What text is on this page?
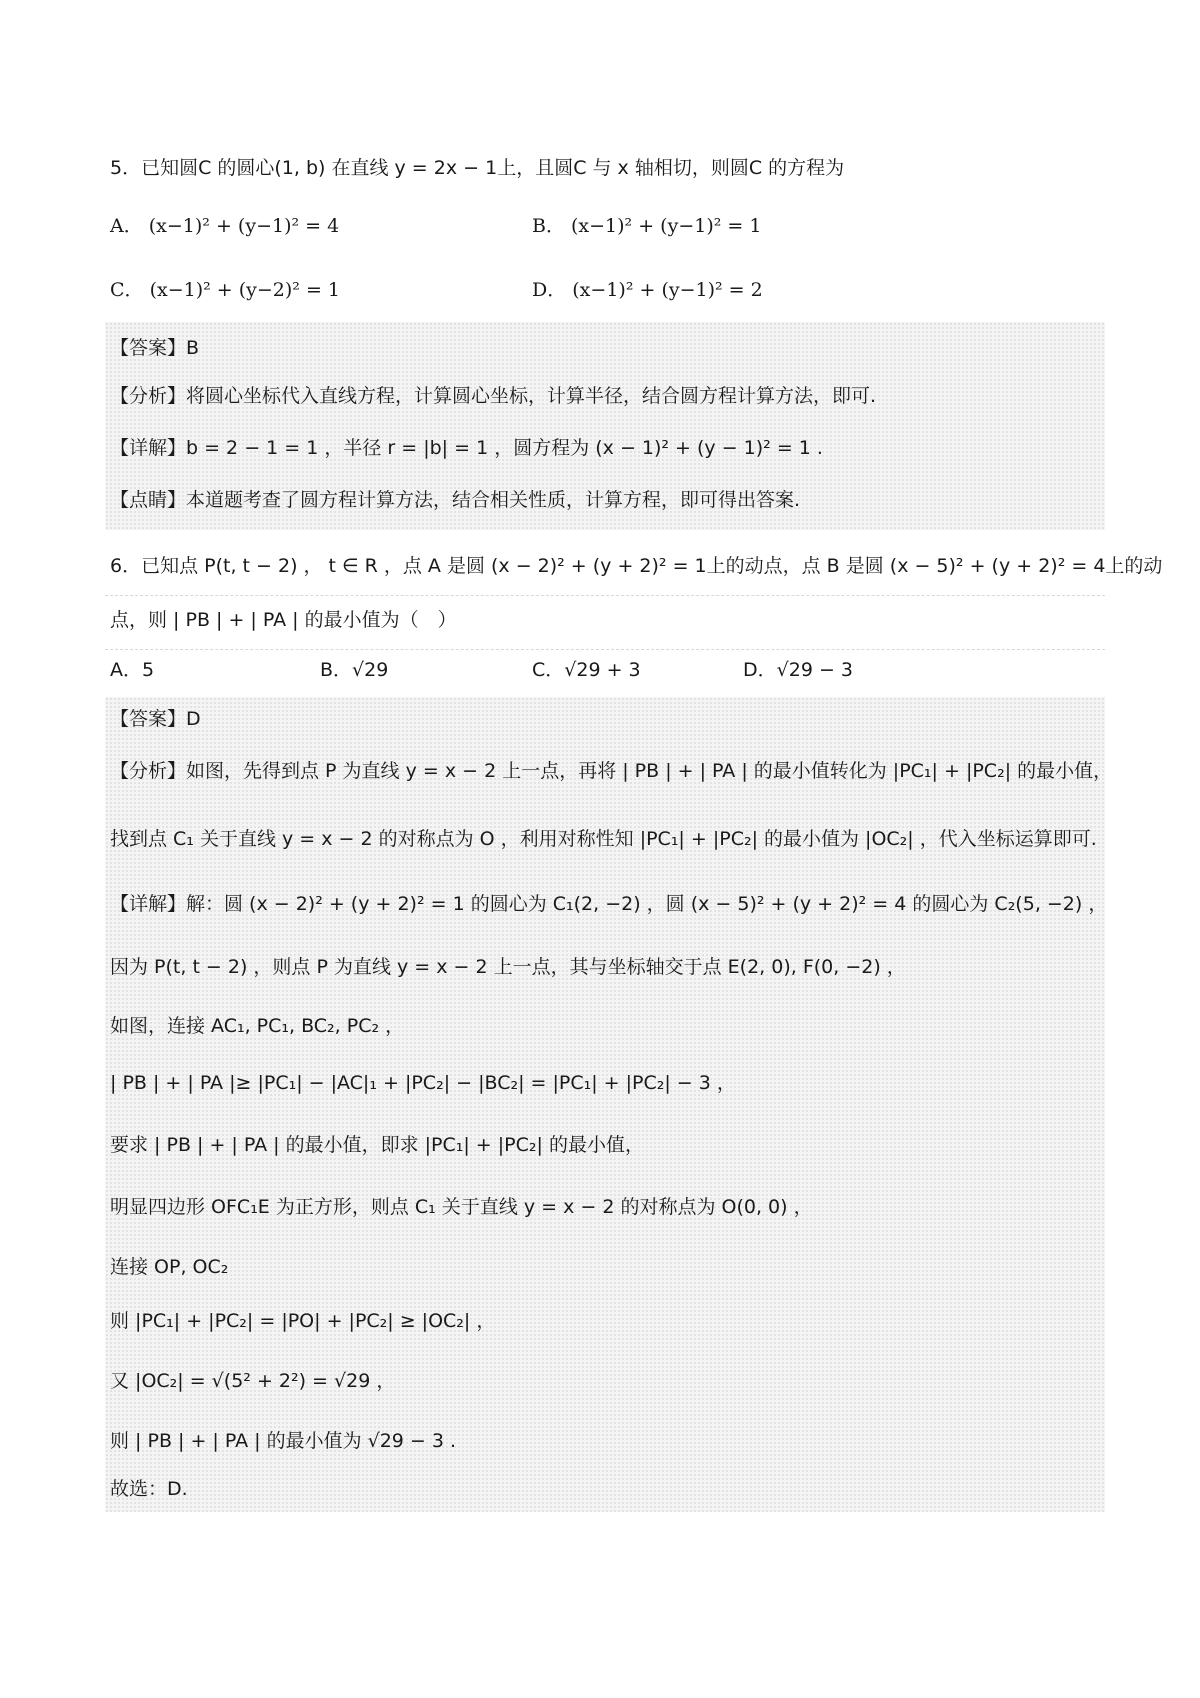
5．已知圆C 的圆心(1, b) 在直线 y = 2x − 1上，且圆C 与 x 轴相切，则圆C 的方程为
A． (x−1)² + (y−1)² = 4	B． (x−1)² + (y−1)² = 1
C． (x−1)² + (y−2)² = 1	D． (x−1)² + (y−1)² = 2
【答案】B
【分析】将圆心坐标代入直线方程，计算圆心坐标，计算半径，结合圆方程计算方法，即可.
【详解】b = 2 − 1 = 1 ，半径 r = |b| = 1 ，圆方程为 (x − 1)² + (y − 1)² = 1 .
【点睛】本道题考查了圆方程计算方法，结合相关性质，计算方程，即可得出答案.
6．已知点 P(t, t − 2) ， t ∈ R ，点 A 是圆 (x − 2)² + (y + 2)² = 1上的动点，点 B 是圆 (x − 5)² + (y + 2)² = 4上的动
点，则 | PB | + | PA | 的最小值为（　）
A．5	B．√29	C．√29 + 3	D．√29 − 3
【答案】D
【分析】如图，先得到点 P 为直线 y = x − 2 上一点，再将 | PB | + | PA | 的最小值转化为 |PC₁| + |PC₂| 的最小值，
找到点 C₁ 关于直线 y = x − 2 的对称点为 O ，利用对称性知 |PC₁| + |PC₂| 的最小值为 |OC₂| ，代入坐标运算即可.
【详解】解：圆 (x − 2)² + (y + 2)² = 1 的圆心为 C₁(2, −2) ，圆 (x − 5)² + (y + 2)² = 4 的圆心为 C₂(5, −2) ，
因为 P(t, t − 2) ，则点 P 为直线 y = x − 2 上一点，其与坐标轴交于点 E(2, 0), F(0, −2) ，
如图，连接 AC₁, PC₁, BC₂, PC₂ ，
| PB | + | PA |≥ |PC₁| − |AC|₁ + |PC₂| − |BC₂| = |PC₁| + |PC₂| − 3 ，
要求 | PB | + | PA | 的最小值，即求 |PC₁| + |PC₂| 的最小值，
明显四边形 OFC₁E 为正方形，则点 C₁ 关于直线 y = x − 2 的对称点为 O(0, 0) ，
连接 OP, OC₂
则 |PC₁| + |PC₂| = |PO| + |PC₂| ≥ |OC₂| ，
又 |OC₂| = √(5² + 2²) = √29 ，
则 | PB | + | PA | 的最小值为 √29 − 3 .
故选：D.
